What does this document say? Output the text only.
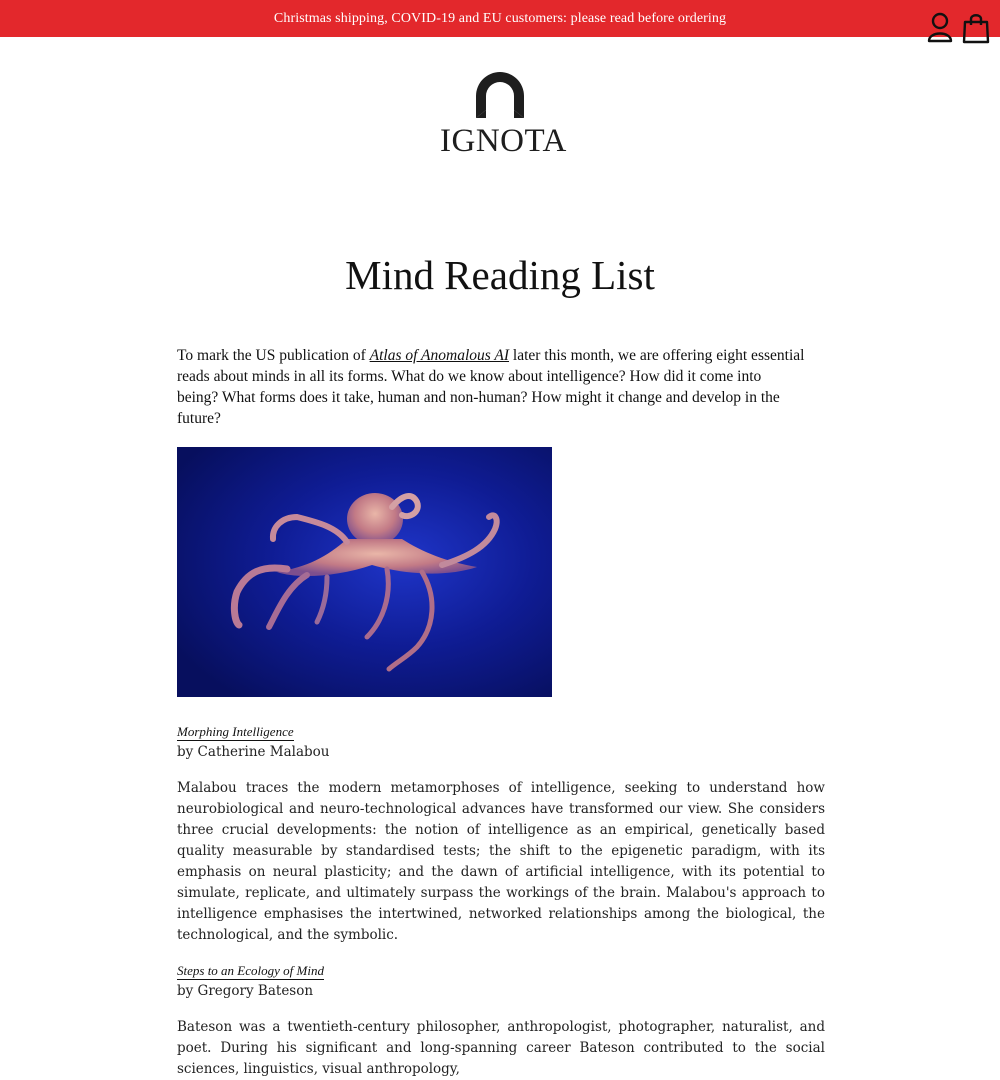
Christmas shipping, COVID-19 and EU customers: please read before ordering
IGNOTA
Mind Reading List

To mark the US publication of Atlas of Anomalous AI later this month, we are offering eight essential reads about minds in all its forms. What do we know about intelligence? How did it come into being? What forms does it take, human and non-human? How might it change and develop in the future?

Morphing Intelligence

by Catherine Malabou

Malabou traces the modern metamorphoses of intelligence, seeking to understand how neurobiological and neuro-technological advances have transformed our view. She considers three crucial developments: the notion of intelligence as an empirical, genetically based quality measurable by standardised tests; the shift to the epigenetic paradigm, with its emphasis on neural plasticity; and the dawn of artificial intelligence, with its potential to simulate, replicate, and ultimately surpass the workings of the brain. Malabou's approach to intelligence emphasises the intertwined, networked relationships among the biological, the technological, and the symbolic.

Steps to an Ecology of Mind

by Gregory Bateson

Bateson was a twentieth-century philosopher, anthropologist, photographer, naturalist, and poet. During his significant and long-spanning career Bateson contributed to the social sciences, linguistics, visual anthropology,
